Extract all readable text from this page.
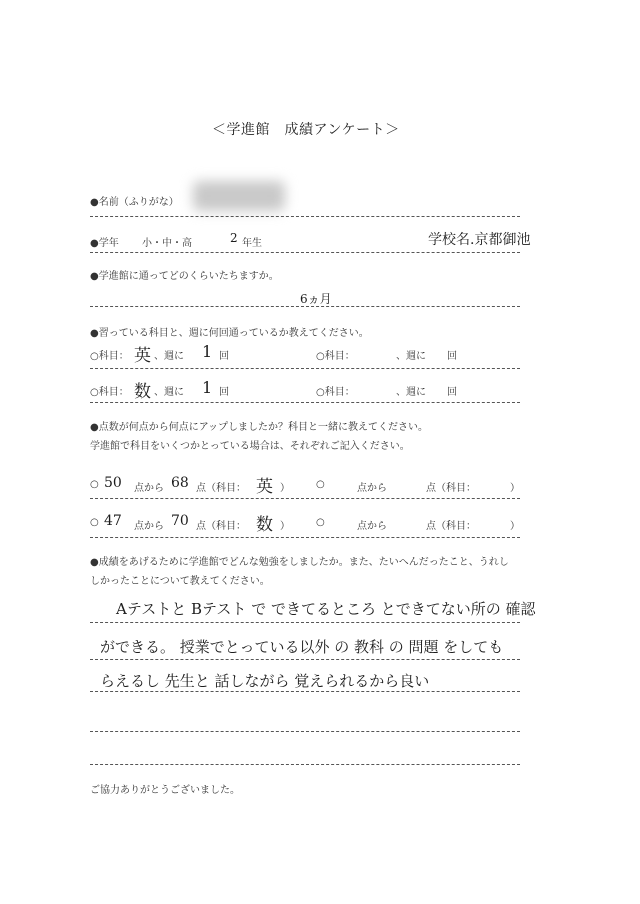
＜学進館　成績アンケート＞
●名前（ふりがな）
●学年 小・中・高	2 年生	学校名.京都御池
●学進館に通ってどのくらいたちますか。
6ヵ月
●習っている科目と、週に何回通っているか教えてください。
○科目： 英 、週に 1 回	○科目：	、週に 回
○科目： 数 、週に 1 回	○科目：	、週に 回
●点数が何点から何点にアップしましたか？科目と一緒に教えてください。
学進館で科目をいくつかとっている場合は、それぞれご記入ください。
○ 50 点から 68 点（科目： 英 ）	○	点から	点（科目：	）
○ 47 点から 70 点（科目： 数 ）	○	点から	点（科目：	）
●成績をあげるために学進館でどんな勉強をしましたか。また、たいへんだったこと、うれし
しかったことについて教えてください。
Aテストと Bテスト で できてるところ とできてない所の 確認
ができる。 授業でとっている以外 の 教科 の 問題 をしても
らえるし 先生と 話しながら 覚えられるから良い
ご協力ありがとうございました。
